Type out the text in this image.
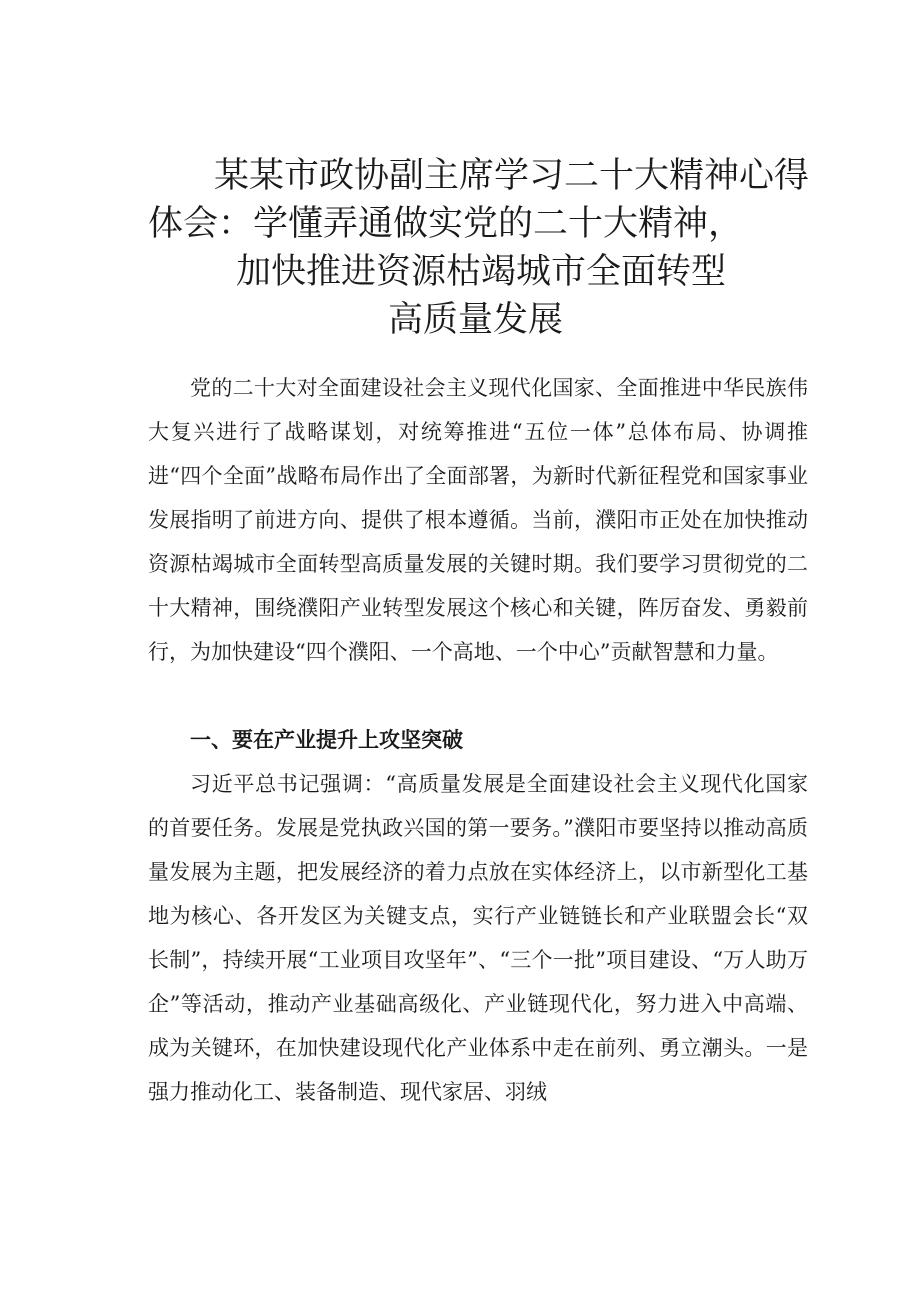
某某市政协副主席学习二十大精神心得
体会：学懂弄通做实党的二十大精神，
加快推进资源枯竭城市全面转型
高质量发展

党的二十大对全面建设社会主义现代化国家、全面推进中华民族伟大复兴进行了战略谋划，对统筹推进“五位一体”总体布局、协调推进“四个全面”战略布局作出了全面部署，为新时代新征程党和国家事业发展指明了前进方向、提供了根本遵循。当前，濮阳市正处在加快推动资源枯竭城市全面转型高质量发展的关键时期。我们要学习贯彻党的二十大精神，围绕濮阳产业转型发展这个核心和关键，阵厉奋发、勇毅前行，为加快建设“四个濮阳、一个高地、一个中心”贡献智慧和力量。

一、要在产业提升上攻坚突破

习近平总书记强调：“高质量发展是全面建设社会主义现代化国家的首要任务。发展是党执政兴国的第一要务。”濮阳市要坚持以推动高质量发展为主题，把发展经济的着力点放在实体经济上，以市新型化工基地为核心、各开发区为关键支点，实行产业链链长和产业联盟会长“双长制”，持续开展“工业项目攻坚年”、“三个一批”项目建设、“万人助万企”等活动，推动产业基础高级化、产业链现代化，努力进入中高端、成为关键环，在加快建设现代化产业体系中走在前列、勇立潮头。一是强力推动化工、装备制造、现代家居、羽绒
